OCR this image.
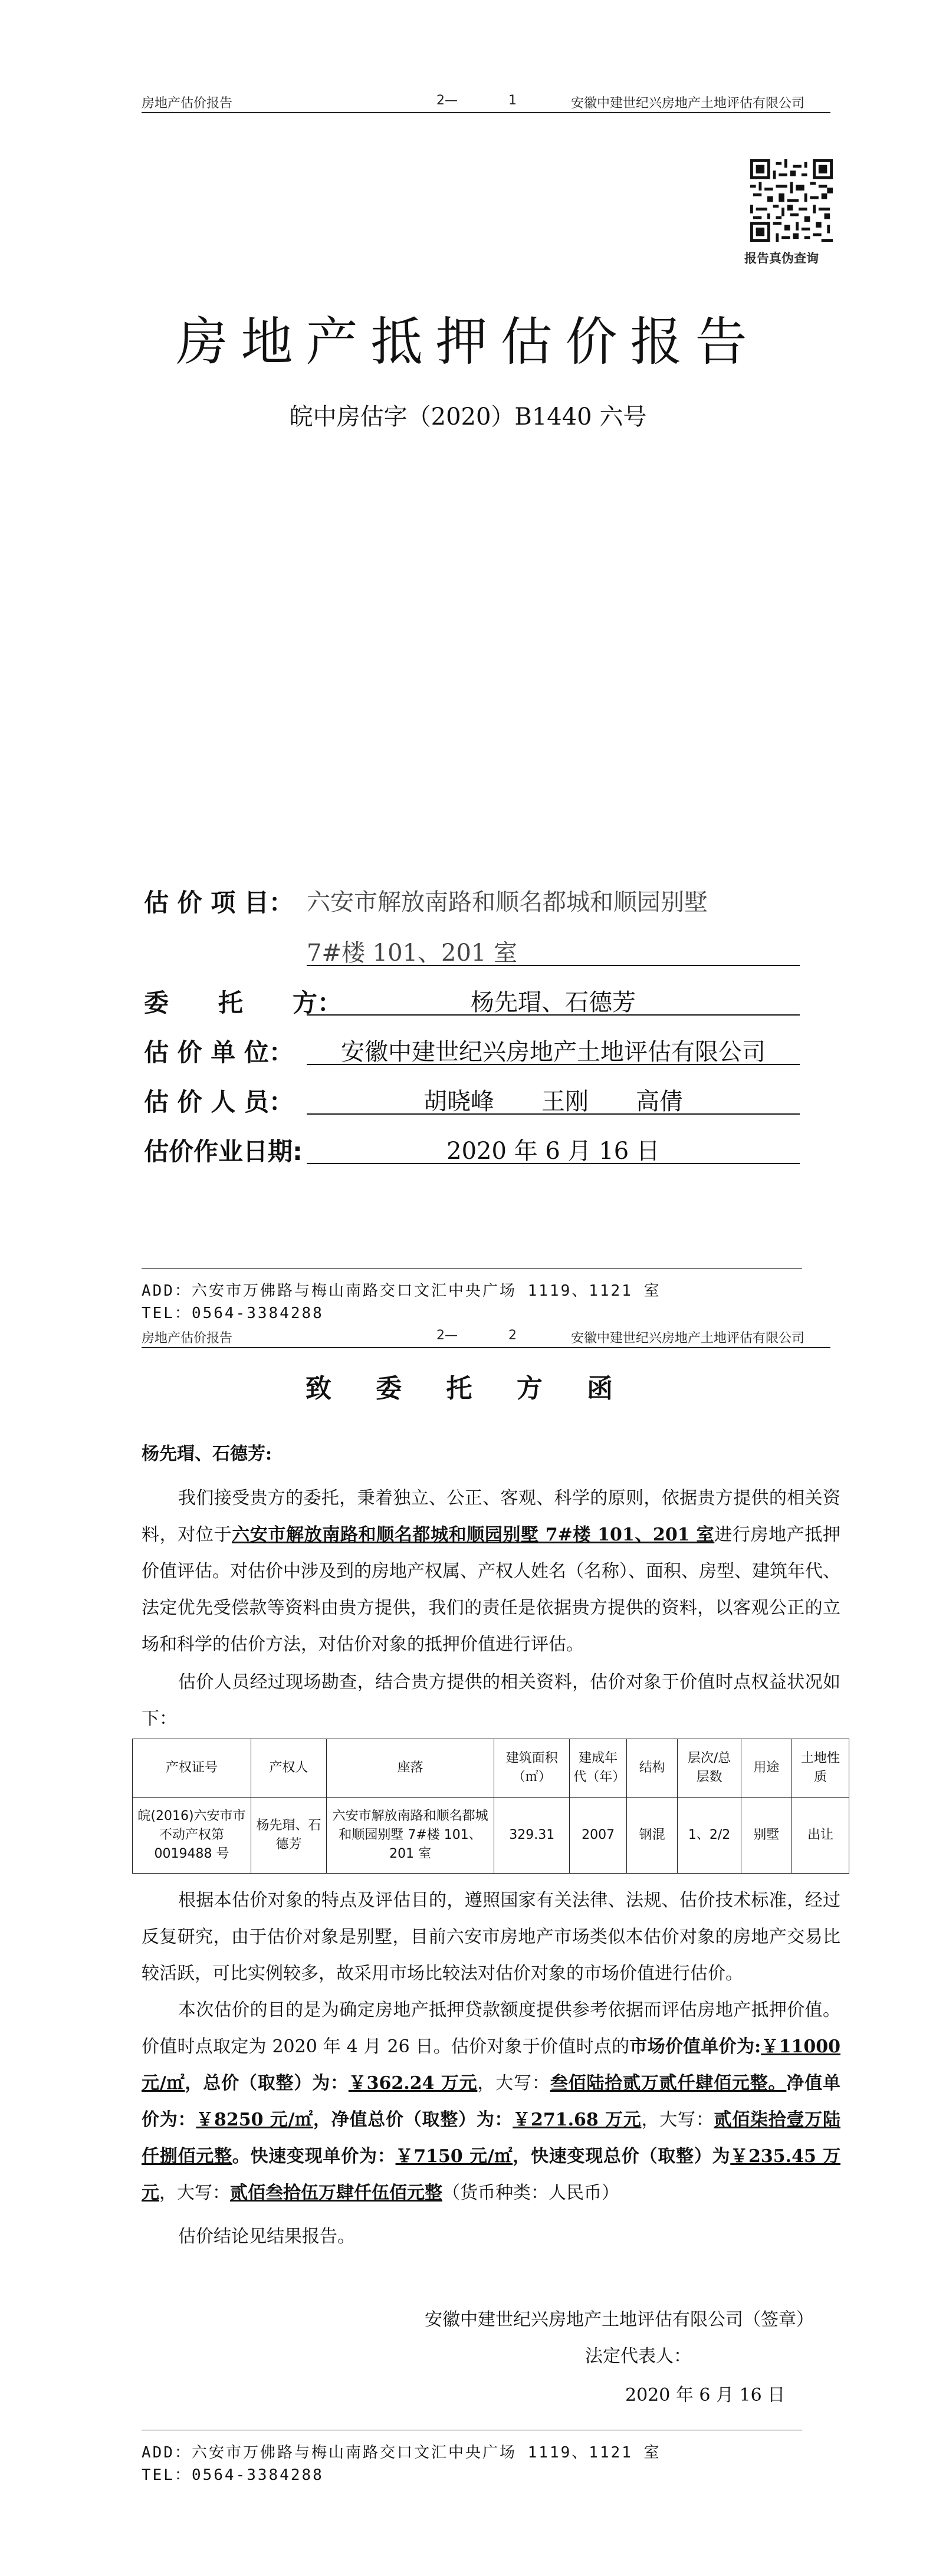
房地产估价报告	2—	1	安徽中建世纪兴房地产土地评估有限公司
报告真伪查询
房地产抵押估价报告
皖中房估字（2020）B1440 六号
估 价 项 目： 六安市解放南路和顺名都城和顺园别墅
7#楼 101、201 室
委　　托　　方：	杨先瑁、石德芳
估 价 单 位：	安徽中建世纪兴房地产土地评估有限公司
估 价 人 员：	胡晓峰　　王刚　　高倩
估价作业日期:	2020 年 6 月 16 日
ADD：六安市万佛路与梅山南路交口文汇中央广场 1119、1121 室
TEL：0564-3384288
房地产估价报告	2—	2	安徽中建世纪兴房地产土地评估有限公司
致 委 托 方 函
杨先瑁、石德芳:
我们接受贵方的委托，秉着独立、公正、客观、科学的原则，依据贵方提供的相关资料，对位于六安市解放南路和顺名都城和顺园别墅 7#楼 101、201 室进行房地产抵押价值评估。对估价中涉及到的房地产权属、产权人姓名（名称）、面积、房型、建筑年代、法定优先受偿款等资料由贵方提供，我们的责任是依据贵方提供的资料，以客观公正的立场和科学的估价方法，对估价对象的抵押价值进行评估。
估价人员经过现场勘查，结合贵方提供的相关资料，估价对象于价值时点权益状况如下：
产权证号	产权人	座落	建筑面积（㎡）	建成年代（年）	结构	层次/总层数	用途	土地性质
皖(2016)六安市市不动产权第 0019488 号	杨先瑁、石德芳	六安市解放南路和顺名都城和顺园别墅 7#楼 101、201 室	329.31	2007	钢混	1、2/2	别墅	出让
根据本估价对象的特点及评估目的，遵照国家有关法律、法规、估价技术标准，经过反复研究，由于估价对象是别墅，目前六安市房地产市场类似本估价对象的房地产交易比较活跃，可比实例较多，故采用市场比较法对估价对象的市场价值进行估价。
本次估价的目的是为确定房地产抵押贷款额度提供参考依据而评估房地产抵押价值。价值时点取定为 2020 年 4 月 26 日。估价对象于价值时点的市场价值单价为:￥11000 元/㎡，总价（取整）为：￥362.24 万元，大写：叁佰陆拾贰万贰仟肆佰元整。净值单价为：￥8250 元/㎡，净值总价（取整）为：￥271.68 万元，大写：贰佰柒拾壹万陆仟捌佰元整。快速变现单价为：￥7150 元/㎡，快速变现总价（取整）为￥235.45 万元，大写：贰佰叁拾伍万肆仟伍佰元整（货币种类：人民币）
估价结论见结果报告。
安徽中建世纪兴房地产土地评估有限公司（签章）
法定代表人：
2020 年 6 月 16 日
ADD：六安市万佛路与梅山南路交口文汇中央广场 1119、1121 室
TEL：0564-3384288
